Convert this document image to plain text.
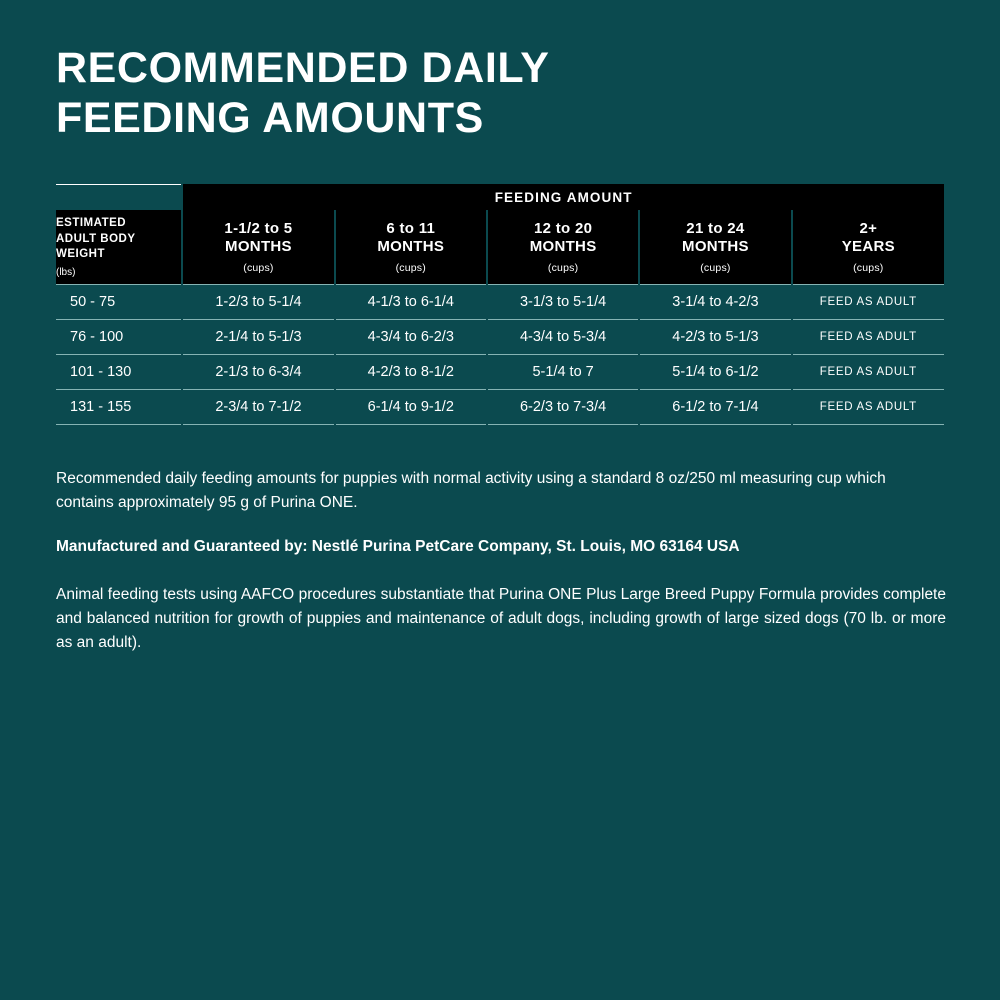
RECOMMENDED DAILY
FEEDING AMOUNTS
	FEEDING AMOUNT				

ESTIMATED
ADULT BODY
WEIGHT
(lbs)

1-1/2 to 5
MONTHS
(cups)

6 to 11
MONTHS
(cups)

12 to 20
MONTHS
(cups)

21 to 24
MONTHS
(cups)

2+
YEARS
(cups)

50 - 75	1-2/3 to 5-1/4	4-1/3 to 6-1/4	3-1/3 to 5-1/4	3-1/4 to 4-2/3	FEED AS ADULT
76 - 100	2-1/4 to 5-1/3	4-3/4 to 6-2/3	4-3/4 to 5-3/4	4-2/3 to 5-1/3	FEED AS ADULT
101 - 130	2-1/3 to 6-3/4	4-2/3 to 8-1/2	5-1/4 to 7	5-1/4 to 6-1/2	FEED AS ADULT
131 - 155	2-3/4 to 7-1/2	6-1/4 to 9-1/2	6-2/3 to 7-3/4	6-1/2 to 7-1/4	FEED AS ADULT

Recommended daily feeding amounts for puppies with normal activity using a standard 8 oz/250 ml measuring cup which contains approximately 95 g of Purina ONE.

Manufactured and Guaranteed by: Nestlé Purina PetCare Company, St. Louis, MO 63164 USA

Animal feeding tests using AAFCO procedures substantiate that Purina ONE Plus Large Breed Puppy Formula provides complete and balanced nutrition for growth of puppies and maintenance of adult dogs, including growth of large sized dogs (70 lb. or more as an adult).
